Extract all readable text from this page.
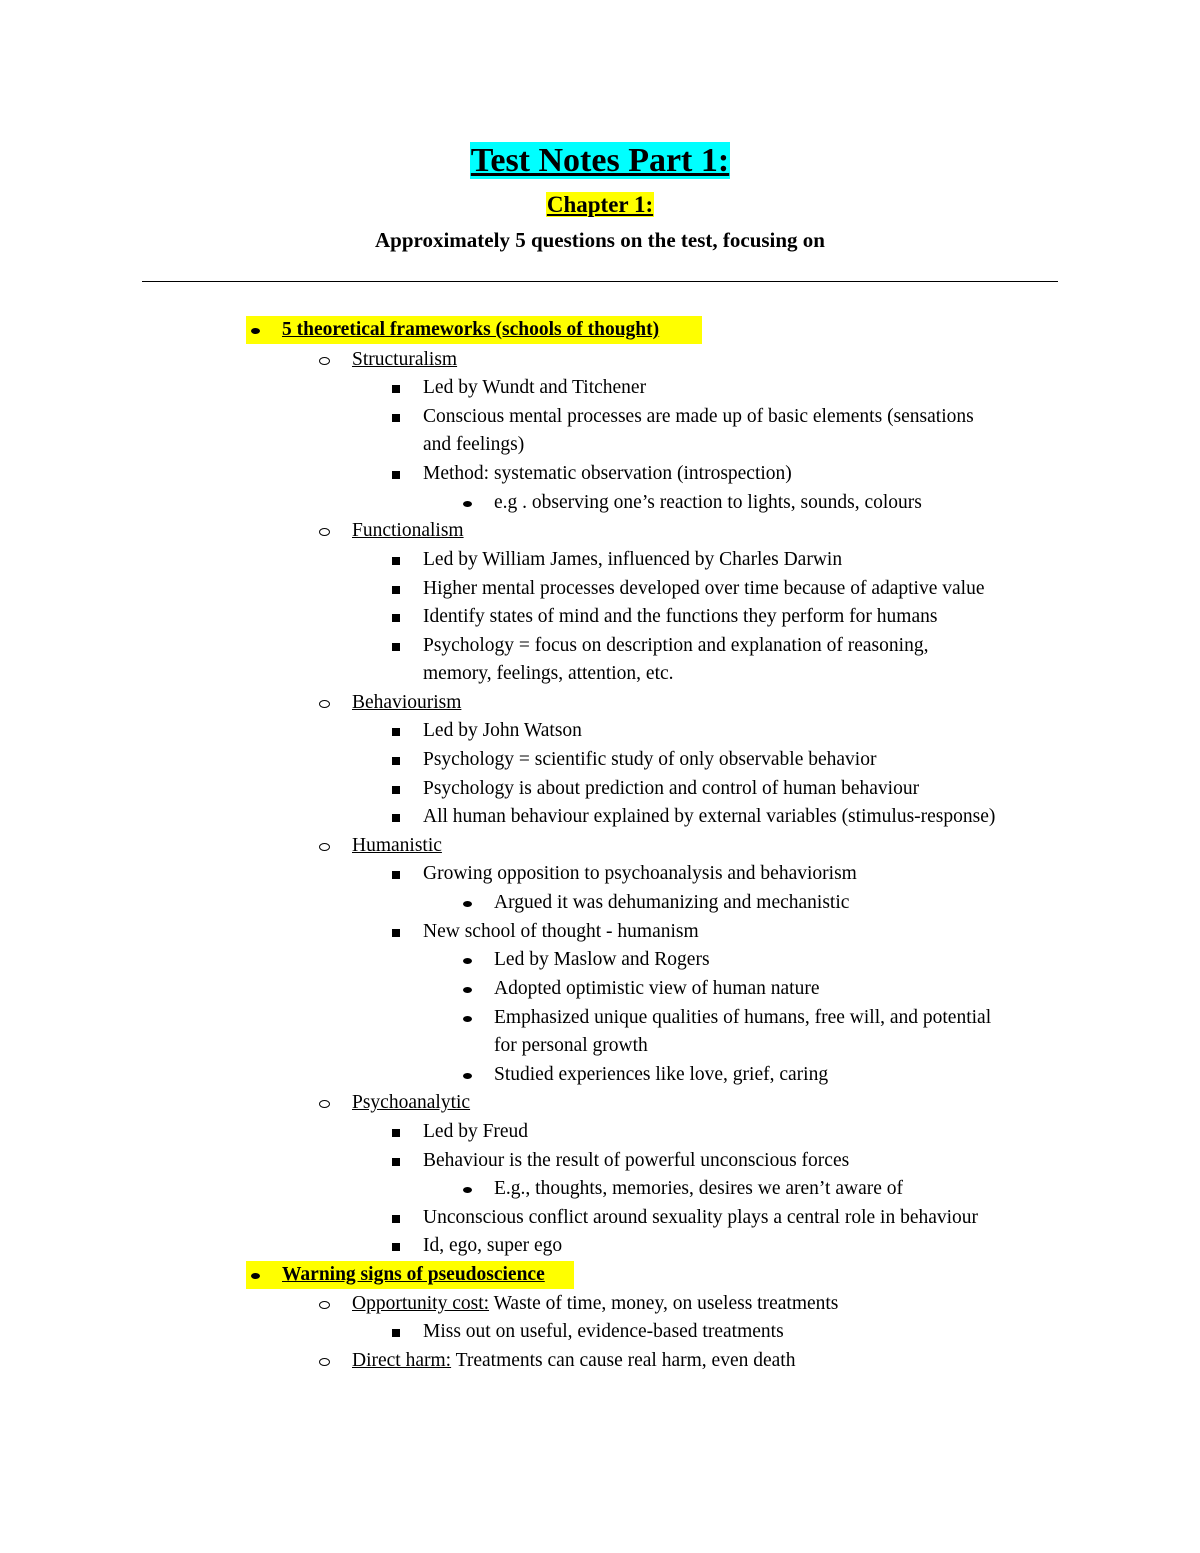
Test Notes Part 1:
Chapter 1:
Approximately 5 questions on the test, focusing on
5 theoretical frameworks (schools of thought)
Structuralism
Led by Wundt and Titchener
Conscious mental processes are made up of basic elements (sensations
and feelings)
Method: systematic observation (introspection)
e.g . observing one’s reaction to lights, sounds, colours
Functionalism
Led by William James, influenced by Charles Darwin
Higher mental processes developed over time because of adaptive value
Identify states of mind and the functions they perform for humans
Psychology = focus on description and explanation of reasoning,
memory, feelings, attention, etc.
Behaviourism
Led by John Watson
Psychology = scientific study of only observable behavior
Psychology is about prediction and control of human behaviour
All human behaviour explained by external variables (stimulus-response)
Humanistic
Growing opposition to psychoanalysis and behaviorism
Argued it was dehumanizing and mechanistic
New school of thought - humanism
Led by Maslow and Rogers
Adopted optimistic view of human nature
Emphasized unique qualities of humans, free will, and potential
for personal growth
Studied experiences like love, grief, caring
Psychoanalytic
Led by Freud
Behaviour is the result of powerful unconscious forces
E.g., thoughts, memories, desires we aren’t aware of
Unconscious conflict around sexuality plays a central role in behaviour
Id, ego, super ego
Warning signs of pseudoscience
Opportunity cost: Waste of time, money, on useless treatments
Miss out on useful, evidence-based treatments
Direct harm: Treatments can cause real harm, even death
